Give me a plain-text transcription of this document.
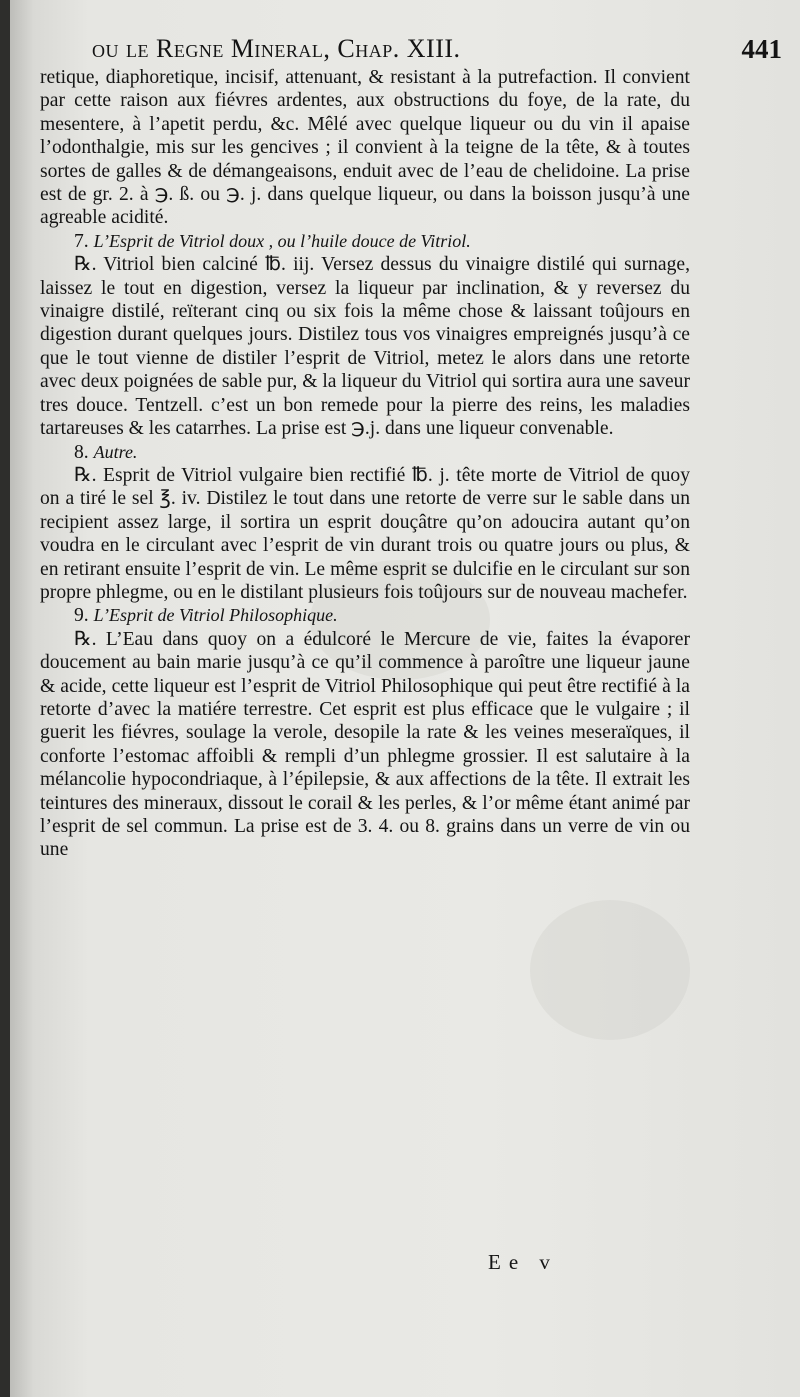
ou le Regne Mineral, Chap. XIII.	441

retique, diaphoretique, incisif, attenuant, & resistant à la putrefaction. Il convient par cette raison aux fiévres ardentes, aux obstructions du foye, de la rate, du mesentere, à l’apetit perdu, &c. Mêlé avec quelque liqueur ou du vin il apaise l’odonthalgie, mis sur les gencives ; il convient à la teigne de la tête, & à toutes sortes de galles & de démangeaisons, enduit avec de l’eau de chelidoine. La prise est de gr. 2. à ℈. ß. ou ℈. j. dans quelque liqueur, ou dans la boisson jusqu’à une agreable acidité.

7. L’Esprit de Vitriol doux , ou l’huile douce de Vitriol.

℞. Vitriol bien calciné ℔. iij. Versez dessus du vinaigre distilé qui surnage, laissez le tout en digestion, versez la liqueur par inclination, & y reversez du vinaigre distilé, reïterant cinq ou six fois la même chose & laissant toûjours en digestion durant quelques jours. Distilez tous vos vinaigres empreignés jusqu’à ce que le tout vienne de distiler l’esprit de Vitriol, metez le alors dans une retorte avec deux poignées de sable pur, & la liqueur du Vitriol qui sortira aura une saveur tres douce. Tentzell. c’est un bon remede pour la pierre des reins, les maladies tartareuses & les catarrhes. La prise est ℈.j. dans une liqueur convenable.

8. Autre.

℞. Esprit de Vitriol vulgaire bien rectifié ℔. j. tête morte de Vitriol de quoy on a tiré le sel ℥. iv. Distilez le tout dans une retorte de verre sur le sable dans un recipient assez large, il sortira un esprit douçâtre qu’on adoucira autant qu’on voudra en le circulant avec l’esprit de vin durant trois ou quatre jours ou plus, & en retirant ensuite l’esprit de vin. Le même esprit se dulcifie en le circulant sur son propre phlegme, ou en le distilant plusieurs fois toûjours sur de nouveau machefer.

9. L’Esprit de Vitriol Philosophique.

℞. L’Eau dans quoy on a édulcoré le Mercure de vie, faites la évaporer doucement au bain marie jusqu’à ce qu’il commence à paroître une liqueur jaune & acide, cette liqueur est l’esprit de Vitriol Philosophique qui peut être rectifié à la retorte d’avec la matiére terrestre. Cet esprit est plus efficace que le vulgaire ; il guerit les fiévres, soulage la verole, desopile la rate & les veines meseraïques, il conforte l’estomac affoibli & rempli d’un phlegme grossier. Il est salutaire à la mélancolie hypocondriaque, à l’épilepsie, & aux affections de la tête. Il extrait les teintures des mineraux, dissout le corail & les perles, & l’or même étant animé par l’esprit de sel commun. La prise est de 3. 4. ou 8. grains dans un verre de vin ou une

Ee v
